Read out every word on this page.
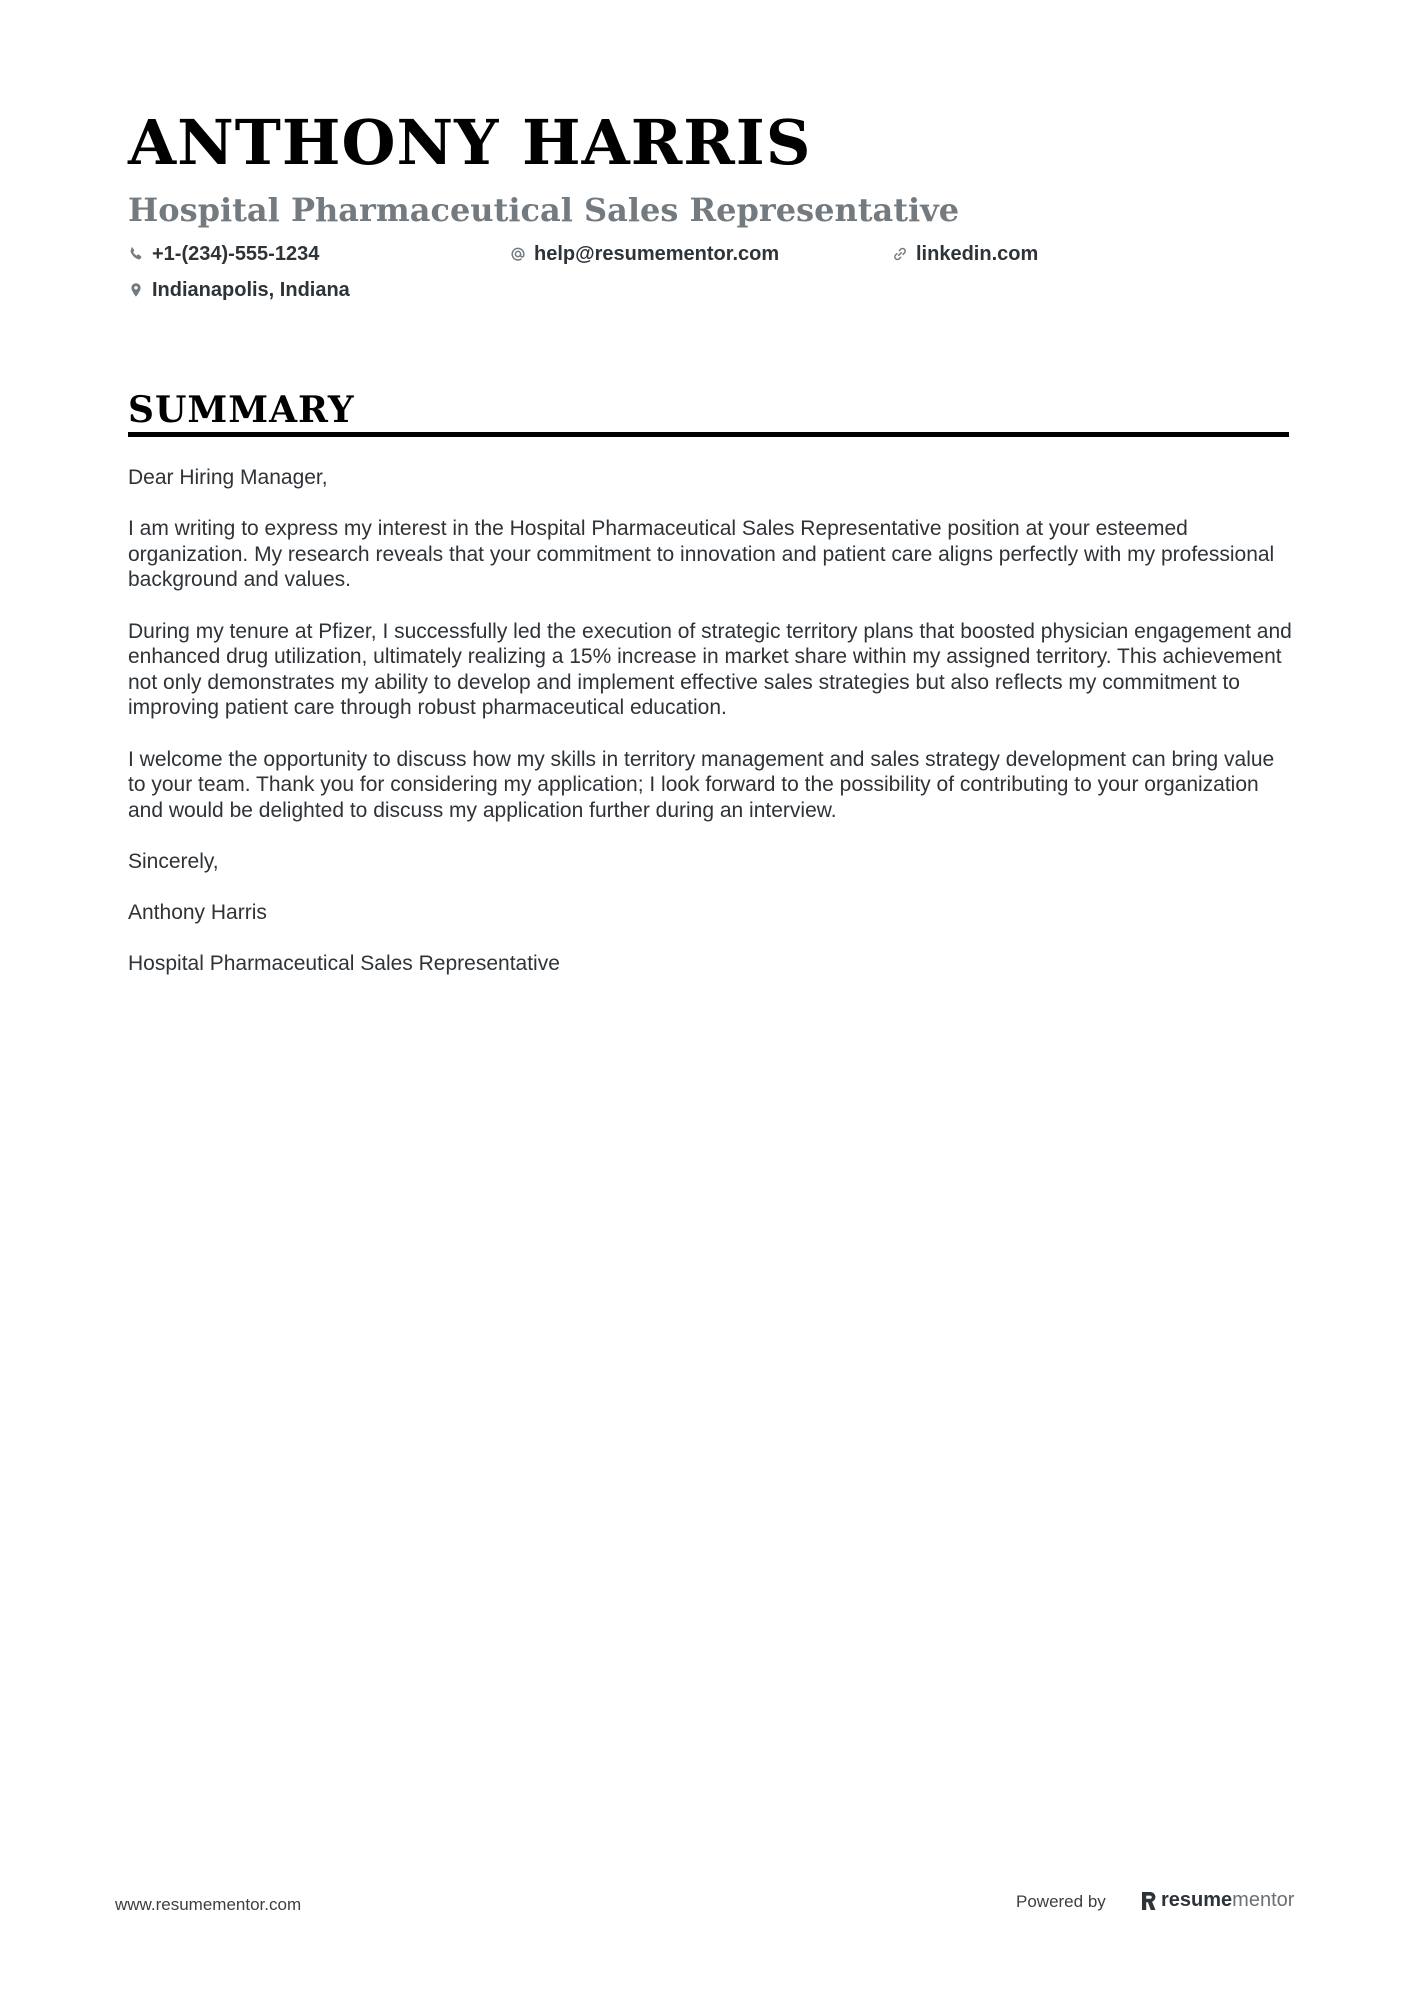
ANTHONY HARRIS
Hospital Pharmaceutical Sales Representative
+1-(234)-555-1234	help@resumementor.com	linkedin.com
Indianapolis, Indiana
SUMMARY

Dear Hiring Manager,

I am writing to express my interest in the Hospital Pharmaceutical Sales Representative position at your esteemed organization. My research reveals that your commitment to innovation and patient care aligns perfectly with my professional background and values.

During my tenure at Pfizer, I successfully led the execution of strategic territory plans that boosted physician engagement and enhanced drug utilization, ultimately realizing a 15% increase in market share within my assigned territory. This achievement not only demonstrates my ability to develop and implement effective sales strategies but also reflects my commitment to improving patient care through robust pharmaceutical education.

I welcome the opportunity to discuss how my skills in territory management and sales strategy development can bring value to your team. Thank you for considering my application; I look forward to the possibility of contributing to your organization and would be delighted to discuss my application further during an interview.

Sincerely,

Anthony Harris

Hospital Pharmaceutical Sales Representative

www.resumementor.com	Powered by	resume mentor
